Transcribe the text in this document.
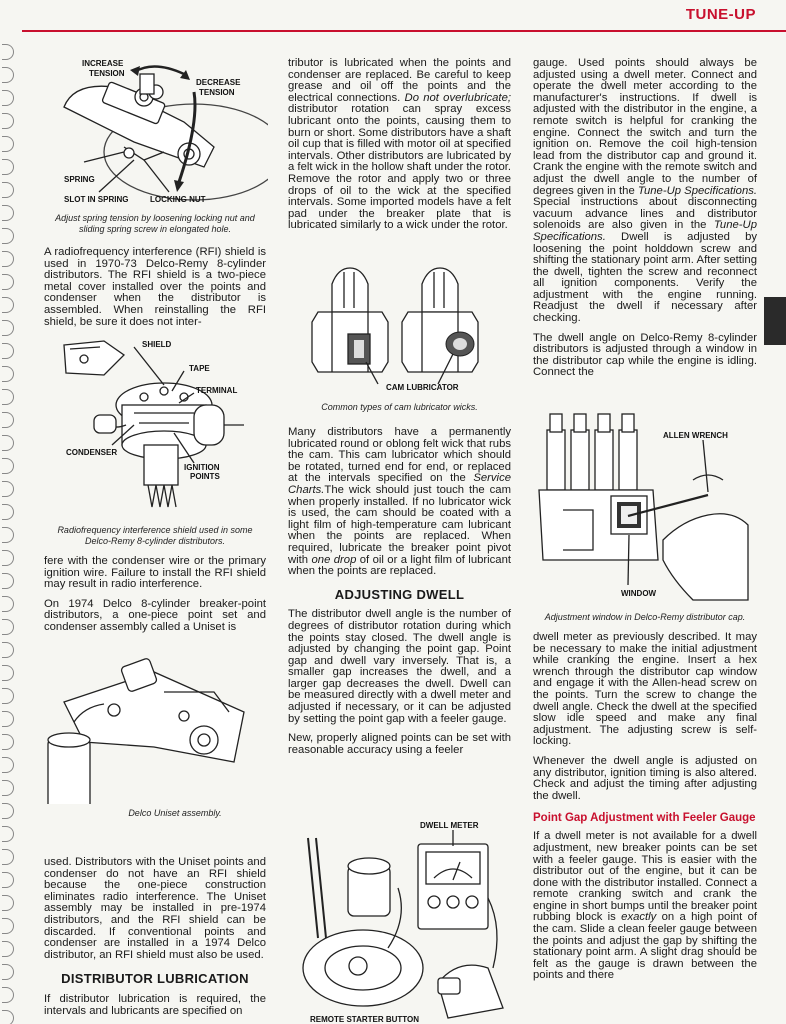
TUNE-UP
INCREASE
TENSION
DECREASE
TENSION
SPRING
SLOT IN SPRING	LOCKING NUT
Adjust spring tension by loosening locking nut and sliding spring screw in elongated hole.

A radiofrequency interference (RFI) shield is used in 1970-73 Delco-Remy 8-cylinder distributors. The RFI shield is a two-piece metal cover installed over the points and condenser when the distributor is assembled. When reinstalling the RFI shield, be sure it does not inter-

SHIELD
TAPE
TERMINAL
CONDENSER
IGNITION
POINTS
Radiofrequency interference shield used in some Delco-Remy 8-cylinder distributors.

fere with the condenser wire or the primary ignition wire. Failure to install the RFI shield may result in radio interference.

On 1974 Delco 8-cylinder breaker-point distributors, a one-piece point set and condenser assembly called a Uniset is

Delco Uniset assembly.

used. Distributors with the Uniset points and condenser do not have an RFI shield because the one-piece construction eliminates radio interference. The Uniset assembly may be installed in pre-1974 distributors, and the RFI shield can be discarded. If conventional points and condenser are installed in a 1974 Delco distributor, an RFI shield must also be used.

DISTRIBUTOR LUBRICATION

If distributor lubrication is required, the intervals and lubricants are specified on

tributor is lubricated when the points and condenser are replaced. Be careful to keep grease and oil off the points and the electrical connections. Do not overlubricate; distributor rotation can spray excess lubricant onto the points, causing them to burn or short. Some distributors have a shaft oil cup that is filled with motor oil at specified intervals. Other distributors are lubricated by a felt wick in the hollow shaft under the rotor. Remove the rotor and apply two or three drops of oil to the wick at the specified intervals. Some imported models have a felt pad under the breaker plate that is lubricated similarly to a wick under the rotor.

CAM LUBRICATOR
Common types of cam lubricator wicks.

Many distributors have a permanently lubricated round or oblong felt wick that rubs the cam. This cam lubricator which should be rotated, turned end for end, or replaced at the intervals specified on the Service Charts.The wick should just touch the cam when properly installed. If no lubricator wick is used, the cam should be coated with a light film of high-temperature cam lubricant when the points are replaced. When required, lubricate the breaker point pivot with one drop of oil or a light film of lubricant when the points are replaced.

ADJUSTING DWELL

The distributor dwell angle is the number of degrees of distributor rotation during which the points stay closed. The dwell angle is adjusted by changing the point gap. Point gap and dwell vary inversely. That is, a smaller gap increases the dwell, and a larger gap decreases the dwell. Dwell can be measured directly with a dwell meter and adjusted if necessary, or it can be adjusted by setting the point gap with a feeler gauge.

New, properly aligned points can be set with reasonable accuracy using a feeler

DWELL METER
REMOTE STARTER BUTTON

gauge. Used points should always be adjusted using a dwell meter. Connect and operate the dwell meter according to the manufacturer's instructions. If dwell is adjusted with the distributor in the engine, a remote switch is helpful for cranking the engine. Connect the switch and turn the ignition on. Remove the coil high-tension lead from the distributor cap and ground it. Crank the engine with the remote switch and adjust the dwell angle to the number of degrees given in the Tune-Up Specifications. Special instructions about disconnecting vacuum advance lines and distributor solenoids are also given in the Tune-Up Specifications. Dwell is adjusted by loosening the point holddown screw and shifting the stationary point arm. After setting the dwell, tighten the screw and reconnect all ignition components. Verify the adjustment with the engine running. Readjust the dwell if necessary after checking.

The dwell angle on Delco-Remy 8-cylinder distributors is adjusted through a window in the distributor cap while the engine is idling. Connect the

ALLEN WRENCH
WINDOW
Adjustment window in Delco-Remy distributor cap.

dwell meter as previously described. It may be necessary to make the initial adjustment while cranking the engine. Insert a hex wrench through the distributor cap window and engage it with the Allen-head screw on the points. Turn the screw to change the dwell angle. Check the dwell at the specified slow idle speed and make any final adjustment. The adjusting screw is self-locking.

Whenever the dwell angle is adjusted on any distributor, ignition timing is also altered. Check and adjust the timing after adjusting the dwell.

Point Gap Adjustment with Feeler Gauge

If a dwell meter is not available for a dwell adjustment, new breaker points can be set with a feeler gauge. This is easier with the distributor out of the engine, but it can be done with the distributor installed. Connect a remote cranking switch and crank the engine in short bumps until the breaker point rubbing block is exactly on a high point of the cam. Slide a clean feeler gauge between the points and adjust the gap by shifting the stationary point arm. A slight drag should be felt as the gauge is drawn between the points and there
